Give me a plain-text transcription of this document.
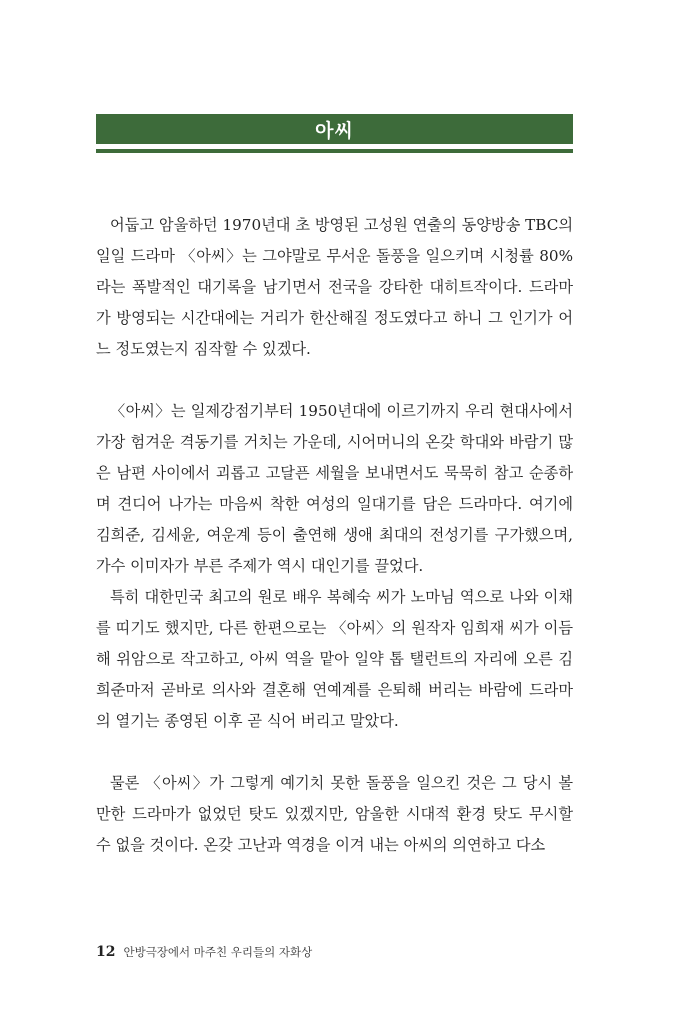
아씨

어둡고 암울하던 1970년대 초 방영된 고성원 연출의 동양방송 TBC의 일일 드라마 〈아씨〉는 그야말로 무서운 돌풍을 일으키며 시청률 80%라는 폭발적인 대기록을 남기면서 전국을 강타한 대히트작이다. 드라마가 방영되는 시간대에는 거리가 한산해질 정도였다고 하니 그 인기가 어느 정도였는지 짐작할 수 있겠다.

〈아씨〉는 일제강점기부터 1950년대에 이르기까지 우리 현대사에서 가장 험겨운 격동기를 거치는 가운데, 시어머니의 온갖 학대와 바람기 많은 남편 사이에서 괴롭고 고달픈 세월을 보내면서도 묵묵히 참고 순종하며 견디어 나가는 마음씨 착한 여성의 일대기를 담은 드라마다. 여기에 김희준, 김세윤, 여운계 등이 출연해 생애 최대의 전성기를 구가했으며, 가수 이미자가 부른 주제가 역시 대인기를 끌었다.

특히 대한민국 최고의 원로 배우 복혜숙 씨가 노마님 역으로 나와 이채를 띠기도 했지만, 다른 한편으로는 〈아씨〉의 원작자 임희재 씨가 이듬해 위암으로 작고하고, 아씨 역을 맡아 일약 톱 탤런트의 자리에 오른 김희준마저 곧바로 의사와 결혼해 연예계를 은퇴해 버리는 바람에 드라마의 열기는 종영된 이후 곧 식어 버리고 말았다.

물론 〈아씨〉가 그렇게 예기치 못한 돌풍을 일으킨 것은 그 당시 볼 만한 드라마가 없었던 탓도 있겠지만, 암울한 시대적 환경 탓도 무시할 수 없을 것이다. 온갖 고난과 역경을 이겨 내는 아씨의 의연하고 다소

12 안방극장에서 마주친 우리들의 자화상
